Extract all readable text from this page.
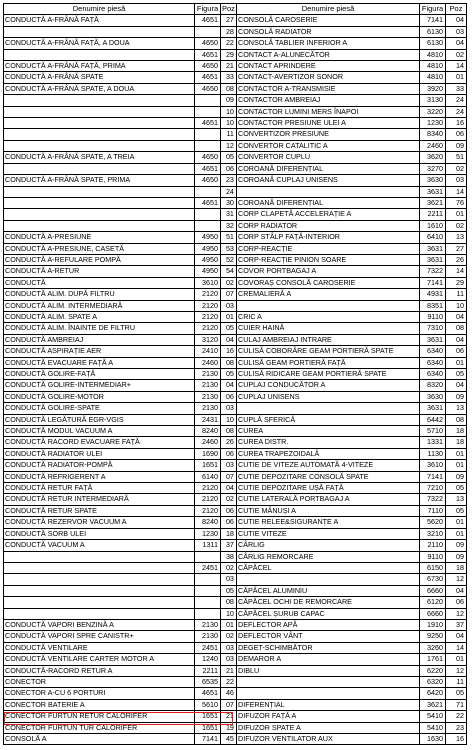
Denumire piesă	Figura	Poz
CONDUCTĂ A-FRÂNĂ FAȚĂ	4651	27
		28
CONDUCTĂ A-FRÂNĂ FAȚĂ, A DOUA	4650	22
	4651	29
CONDUCTĂ A-FRÂNĂ FAȚĂ, PRIMA	4650	21
CONDUCTĂ A-FRÂNĂ SPATE	4651	33
CONDUCTĂ A-FRÂNĂ SPATE, A DOUA	4650	08
		09
		10
	4651	10
		11
		12
CONDUCTĂ A-FRÂNĂ SPATE, A TREIA	4650	05
	4651	06
CONDUCTĂ A-FRÂNĂ SPATE, PRIMA	4650	23
		24
	4651	30
		31
		32
CONDUCTĂ A-PRESIUNE	4950	51
CONDUCTĂ A-PRESIUNE, CASETĂ	4950	53
CONDUCTĂ A-REFULARE POMPĂ	4950	52
CONDUCTĂ A-RETUR	4950	54
CONDUCTĂ	3610	02
CONDUCTĂ ALIM. DUPĂ FILTRU	2120	07
CONDUCTĂ ALIM. INTERMEDIARĂ	2120	03
CONDUCTĂ ALIM. SPATE A	2120	01
CONDUCTĂ ALIM. ÎNAINTE DE FILTRU	2120	05
CONDUCTĂ AMBREIAJ	3120	04
CONDUCTĂ ASPIRAȚIE AER	2410	16
CONDUCTĂ EVACUARE FAȚĂ A	2460	08
CONDUCTĂ GOLIRE-FAȚĂ	2130	05
CONDUCTĂ GOLIRE-INTERMEDIAR+	2130	04
CONDUCTĂ GOLIRE-MOTOR	2130	06
CONDUCTĂ GOLIRE-SPATE	2130	03
CONDUCTĂ LEGĂTURĂ EGR-VGIS	2431	10
CONDUCTĂ MODUL VACUUM A	8240	08
CONDUCTĂ RACORD EVACUARE FAȚĂ	2460	26
CONDUCTĂ RADIATOR ULEI	1690	06
CONDUCTĂ RADIATOR-POMPĂ	1651	03
CONDUCTĂ REFRIGERENT A	6140	07
CONDUCTĂ RETUR FAȚĂ	2120	04
CONDUCTĂ RETUR INTERMEDIARĂ	2120	02
CONDUCTĂ RETUR SPATE	2120	06
CONDUCTĂ REZERVOR VACUUM A	8240	06
CONDUCTĂ SORB ULEI	1230	18
CONDUCTĂ VACUUM A	1311	37
		38
	2451	02
		03
		05
		08
		10
CONDUCTĂ VAPORI BENZINĂ A	2130	01
CONDUCTĂ VAPORI SPRE CANISTR+	2130	02
CONDUCTĂ VENTILARE	2451	03
CONDUCTĂ VENTILARE CARTER MOTOR A	1240	03
CONDUCTĂ-RACORD RETUR A	2211	21
CONECTOR	6535	22
CONECTOR A-CU 6 PORTURI	4651	46
CONECTOR BATERIE A	5610	07
CONECTOR FURTUN RETUR CALORIFER	1651	21
CONECTOR FURTUN TUR CALORIFER	1651	19
CONSOLĂ A	7141	45
Denumire piesă	Figura	Poz
CONSOLĂ CAROSERIE	7141	04
CONSOLĂ RADIATOR	6130	03
CONSOLĂ TABLIER INFERIOR A	6130	04
CONTACT A-ALUNECĂTOR	4810	02
CONTACT APRINDERE	4810	14
CONTACT-AVERTIZOR SONOR	4810	01
CONTACTOR A-TRANSMISIE	3920	33
CONTACTOR AMBREIAJ	3130	24
CONTACTOR LUMINI MERS ÎNAPOI	3220	24
CONTACTOR PRESIUNE ULEI A	1230	16
CONVERTIZOR PRESIUNE	8340	06
CONVERTOR CATALITIC A	2460	09
CONVERTOR CUPLU	3620	51
COROANĂ DIFERENȚIAL	3270	02
COROANĂ CUPLAJ UNISENS	3630	03
	3631	14
COROANĂ DIFERENȚIAL	3621	76
CORP CLAPETĂ ACCELERAȚIE A	2211	01
CORP RADIATOR	1610	02
CORP STÂLP FAȚĂ-INTERIOR	6410	13
CORP-REACȚIE	3631	27
CORP-REACȚIE PINION SOARE	3631	26
COVOR PORTBAGAJ A	7322	14
COVORAȘ CONSOLĂ CAROSERIE	7141	29
CREMALIERĂ A	4931	11
	8351	10
CRIC A	9110	04
CUIER HAINĂ	7310	08
CULAJ AMBREIAJ INTRARE	3631	04
CULISĂ COBORÂRE GEAM PORTIERĂ SPATE	6340	06
CULISĂ GEAM PORTIERĂ FAȚĂ	6340	01
CULISĂ RIDICARE GEAM PORTIERĂ SPATE	6340	05
CUPLAJ CONDUCĂTOR A	8320	04
CUPLAJ UNISENS	3630	09
	3631	13
CUPLĂ SFERICĂ	6442	08
CUREA	5710	18
CUREA DISTR.	1331	18
CUREA TRAPEZOIDALĂ	1130	01
CUTIE DE VITEZE AUTOMATĂ 4-VITEZE	3610	01
CUTIE DEPOZITARE CONSOLĂ SPATE	7141	09
CUTIE DEPOZITARE UȘĂ FAȚĂ	7210	05
CUTIE LATERALĂ PORTBAGAJ A	7322	13
CUTIE MÂNUȘI A	7110	05
CUTIE RELEE&SIGURANȚE A	5620	01
CUTIE VITEZE	3210	01
CÂRLIG	2110	09
CÂRLIG REMORCARE	9110	09
CĂPĂCEL	6150	18
	6730	12
CĂPĂCEL ALUMINIU	6660	04
CĂPĂCEL OCHI DE REMORCARE	6120	06
CĂPĂCEL ȘURUB CAPAC	6660	12
DEFLECTOR APĂ	1910	37
DEFLECTOR VÂNT	9250	04
DEGET-SCHIMBĂTOR	3260	14
DEMAROR A	1761	01
DIBLU	6220	12
	6320	11
	6420	05
DIFERENȚIAL	3621	71
DIFUZOR FAȚĂ A	5410	22
DIFUZOR SPATE A	5410	23
DIFUZOR VENTILATOR AUX	1630	16
